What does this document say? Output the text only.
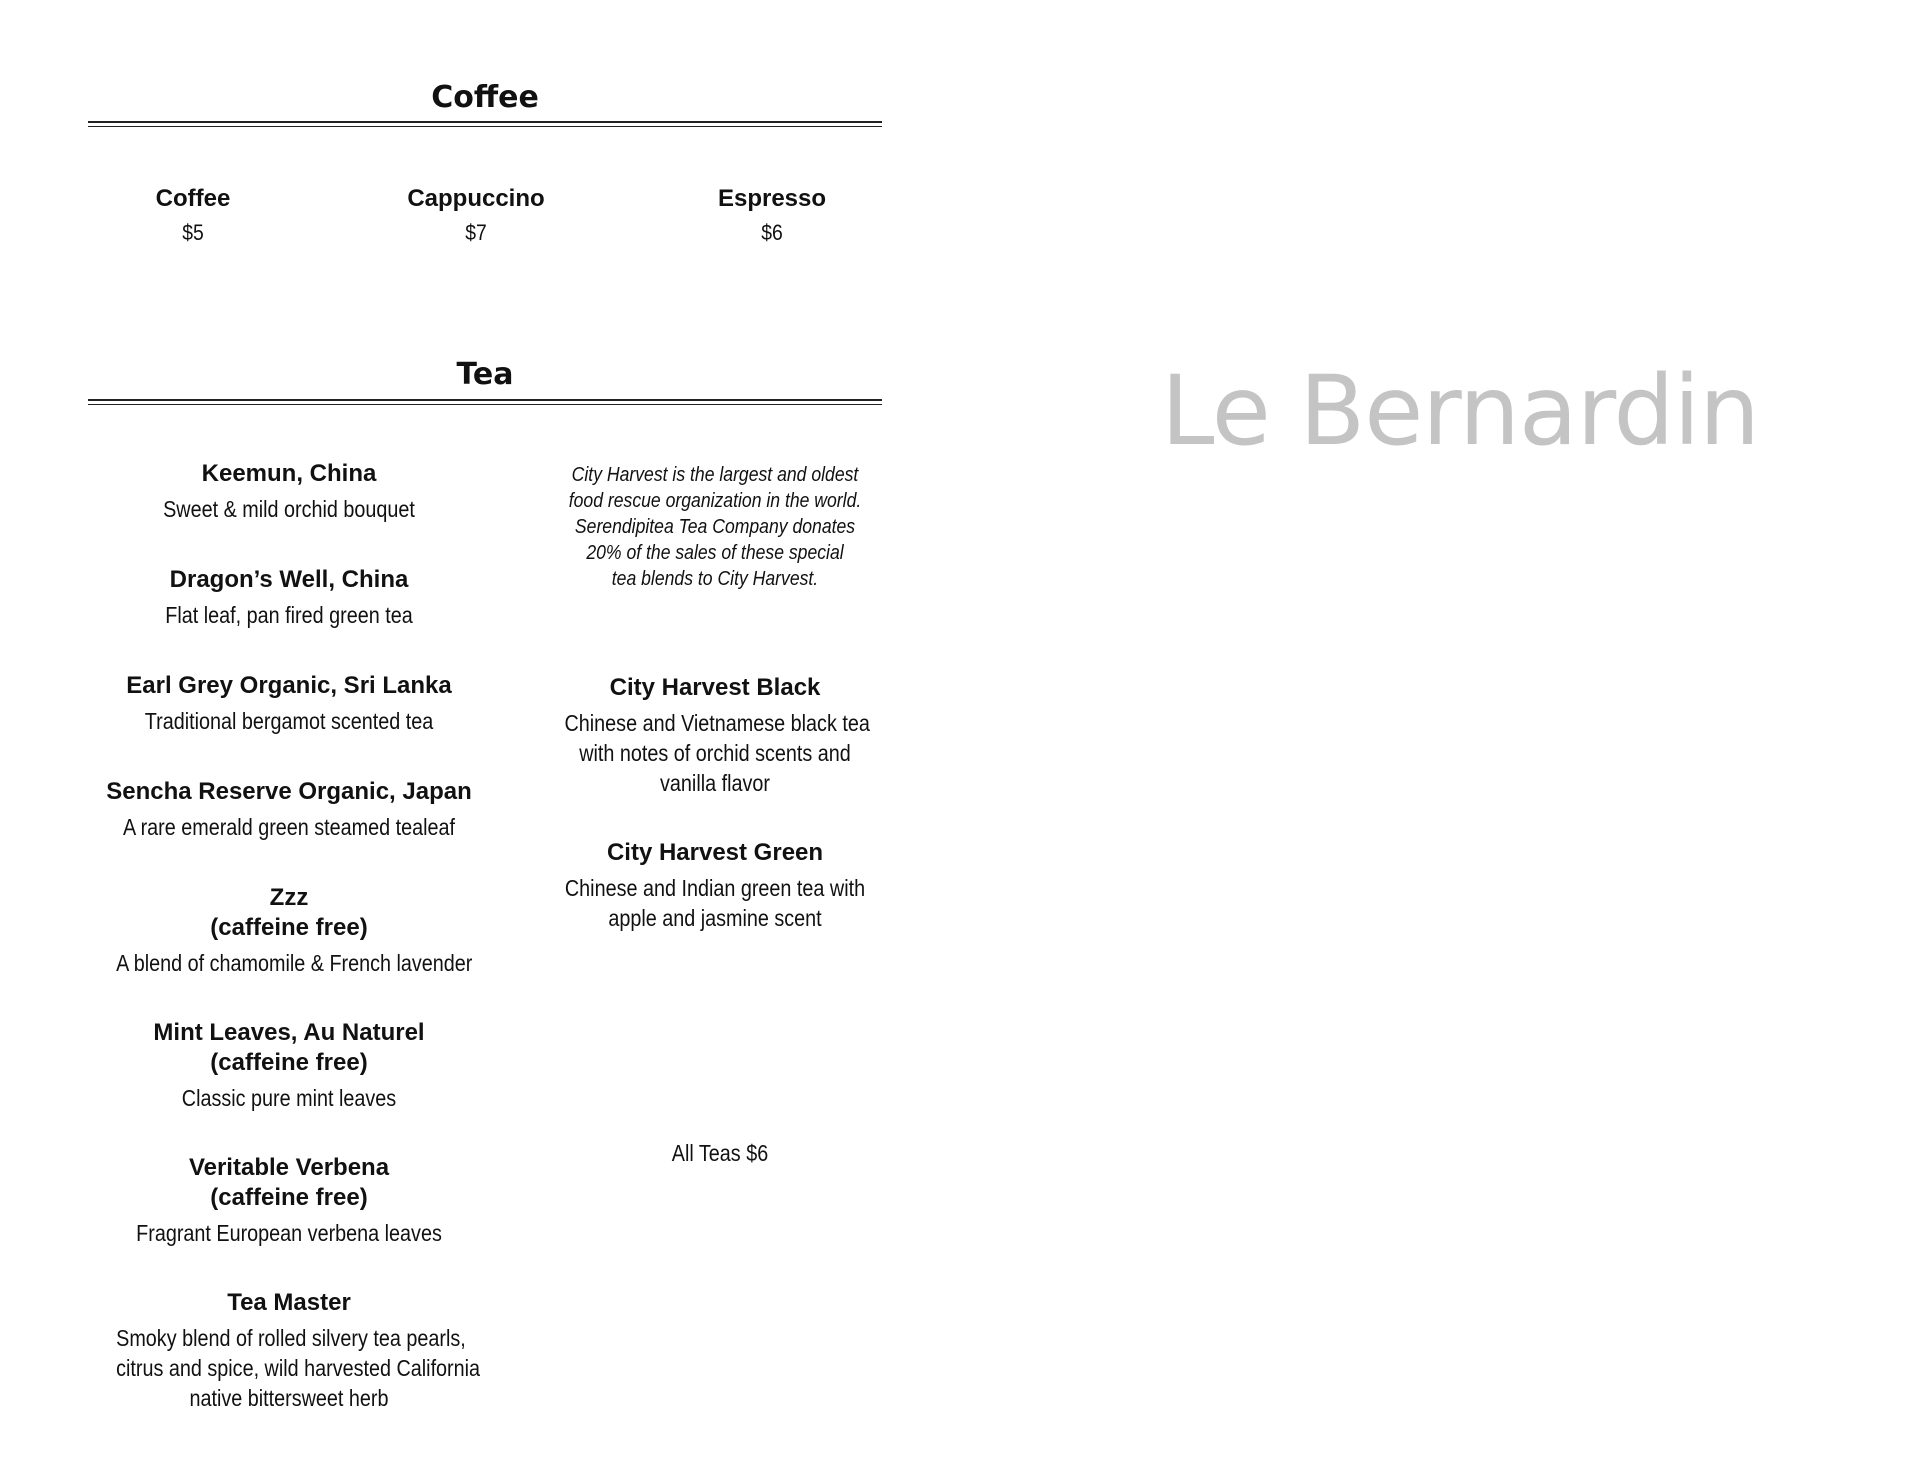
Coffee
Coffee
$5
Cappuccino
$7
Espresso
$6
Tea
Keemun, China
Sweet & mild orchid bouquet
Dragon’s Well, China
Flat leaf, pan fired green tea
Earl Grey Organic, Sri Lanka
Traditional bergamot scented tea
Sencha Reserve Organic, Japan
A rare emerald green steamed tealeaf
Zzz
(caffeine free)
A blend of chamomile & French lavender
Mint Leaves, Au Naturel
(caffeine free)
Classic pure mint leaves
Veritable Verbena
(caffeine free)
Fragrant European verbena leaves
Tea Master
Smoky blend of rolled silvery tea pearls,
citrus and spice, wild harvested California
native bittersweet herb
City Harvest is the largest and oldest
food rescue organization in the world.
Serendipitea Tea Company donates
20% of the sales of these special
tea blends to City Harvest.
City Harvest Black
Chinese and Vietnamese black tea
with notes of orchid scents and
vanilla flavor
City Harvest Green
Chinese and Indian green tea with
apple and jasmine scent
All Teas $6
Le Bernardin
